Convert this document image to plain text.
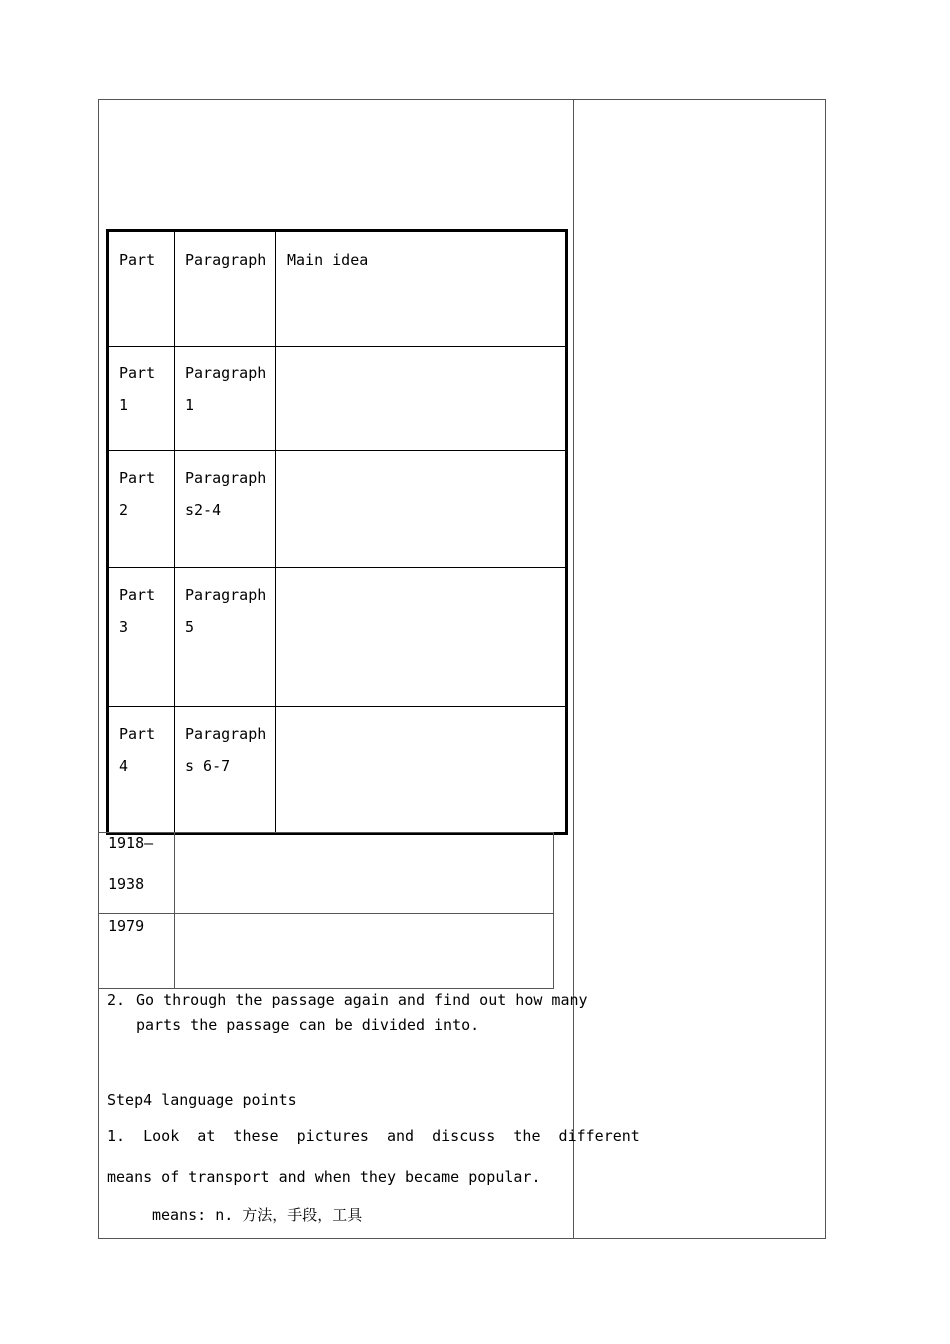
Part Paragraph Main idea
Part
1
Paragraph
1
Part
2
Paragraph
s2-4
Part
3
Paragraph
5
Part
4
Paragraph
s 6-7
1918—

1938
1979
2. Go through the passage again and find out how many
parts the passage can be divided into.
Step4 language points
1.  Look  at  these  pictures  and  discuss  the  different
means of transport and when they became popular.
means: n. 方法，手段，工具
